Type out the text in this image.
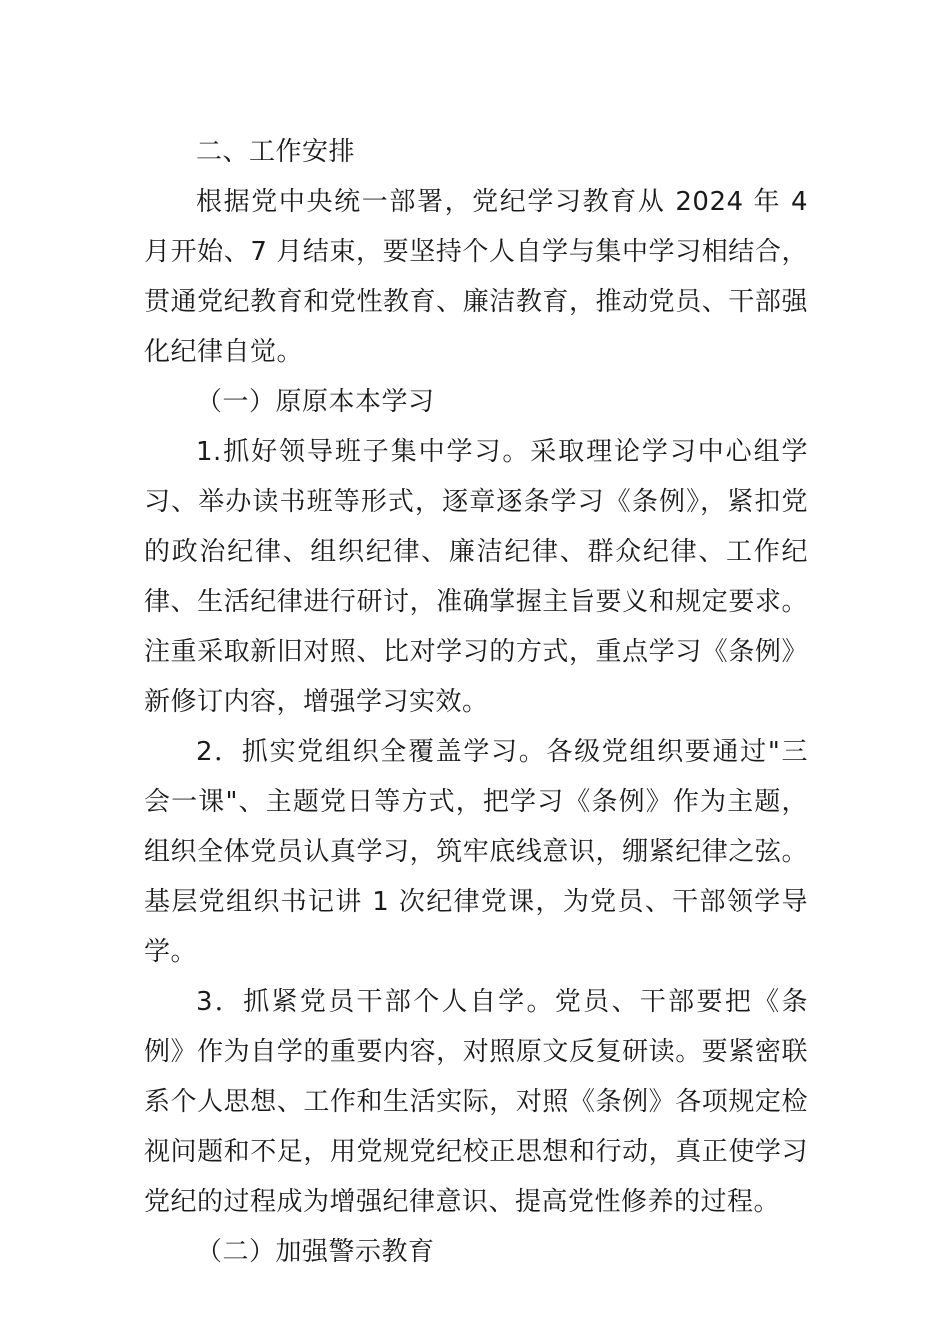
二、工作安排

根据党中央统一部署，党纪学习教育从 2024 年 4 月开始、7 月结束，要坚持个人自学与集中学习相结合，贯通党纪教育和党性教育、廉洁教育，推动党员、干部强化纪律自觉。

（一）原原本本学习

1.抓好领导班子集中学习。采取理论学习中心组学习、举办读书班等形式，逐章逐条学习《条例》，紧扣党的政治纪律、组织纪律、廉洁纪律、群众纪律、工作纪律、生活纪律进行研讨，准确掌握主旨要义和规定要求。注重采取新旧对照、比对学习的方式，重点学习《条例》新修订内容，增强学习实效。

2．抓实党组织全覆盖学习。各级党组织要通过"三会一课"、主题党日等方式，把学习《条例》作为主题，组织全体党员认真学习，筑牢底线意识，绷紧纪律之弦。基层党组织书记讲 1 次纪律党课，为党员、干部领学导学。

3．抓紧党员干部个人自学。党员、干部要把《条例》作为自学的重要内容，对照原文反复研读。要紧密联系个人思想、工作和生活实际，对照《条例》各项规定检视问题和不足，用党规党纪校正思想和行动，真正使学习党纪的过程成为增强纪律意识、提高党性修养的过程。

（二）加强警示教育
